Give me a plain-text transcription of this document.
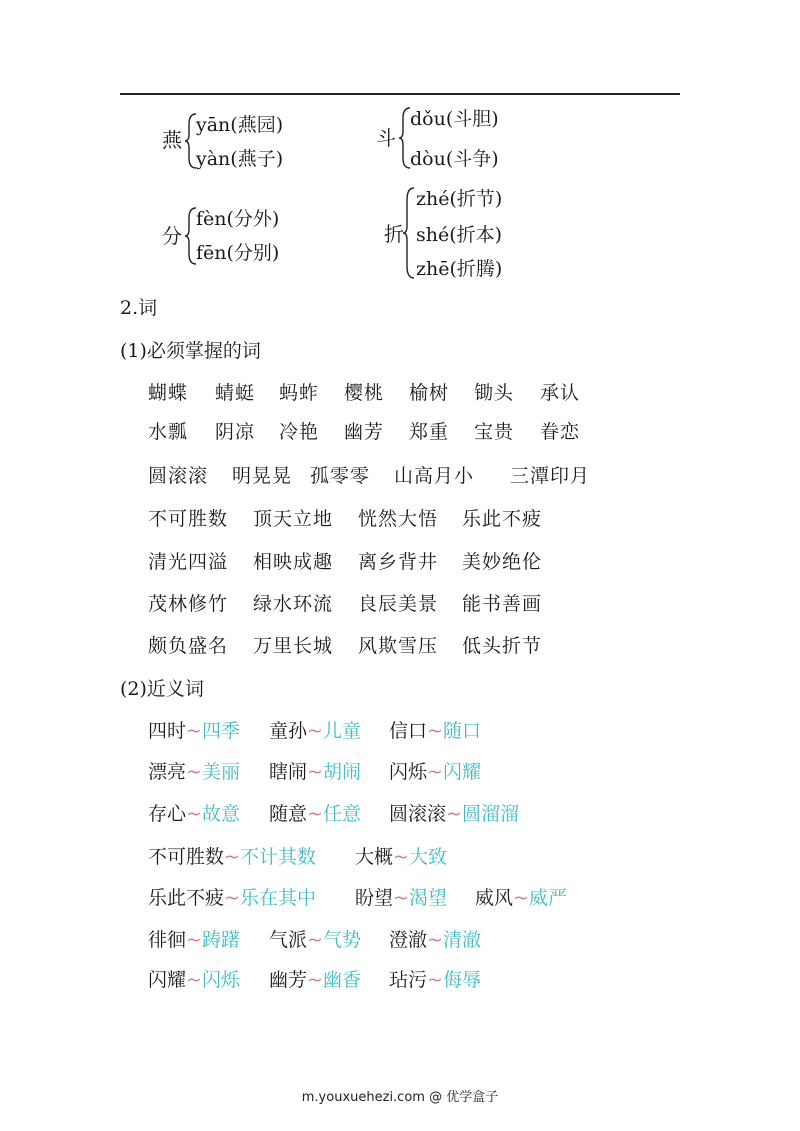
燕
yān(燕园)
yàn(燕子)
斗
dǒu(斗胆)
dòu(斗争)
分
fèn(分外)
fēn(分别)
折
zhé(折节)
shé(折本)
zhē(折腾)
2.词
(1)必须掌握的词
蝴蝶 蜻蜓 蚂蚱 樱桃 榆树 锄头 承认
水瓢 阴凉 冷艳 幽芳 郑重 宝贵 眷恋
圆滚滚 明晃晃 孤零零 山高月小 三潭印月
不可胜数 顶天立地 恍然大悟 乐此不疲
清光四溢 相映成趣 离乡背井 美妙绝伦
茂林修竹 绿水环流 良辰美景 能书善画
颇负盛名 万里长城 风欺雪压 低头折节
(2)近义词
四时~四季 童孙~儿童 信口~随口
漂亮~美丽 瞎闹~胡闹 闪烁~闪耀
存心~故意 随意~任意 圆滚滚~圆溜溜
不可胜数~不计其数 大概~大致
乐此不疲~乐在其中 盼望~渴望 威风~威严
徘徊~踌躇 气派~气势 澄澈~清澈
闪耀~闪烁 幽芳~幽香 玷污~侮辱
m.youxuehezi.com @ 优学盒子
